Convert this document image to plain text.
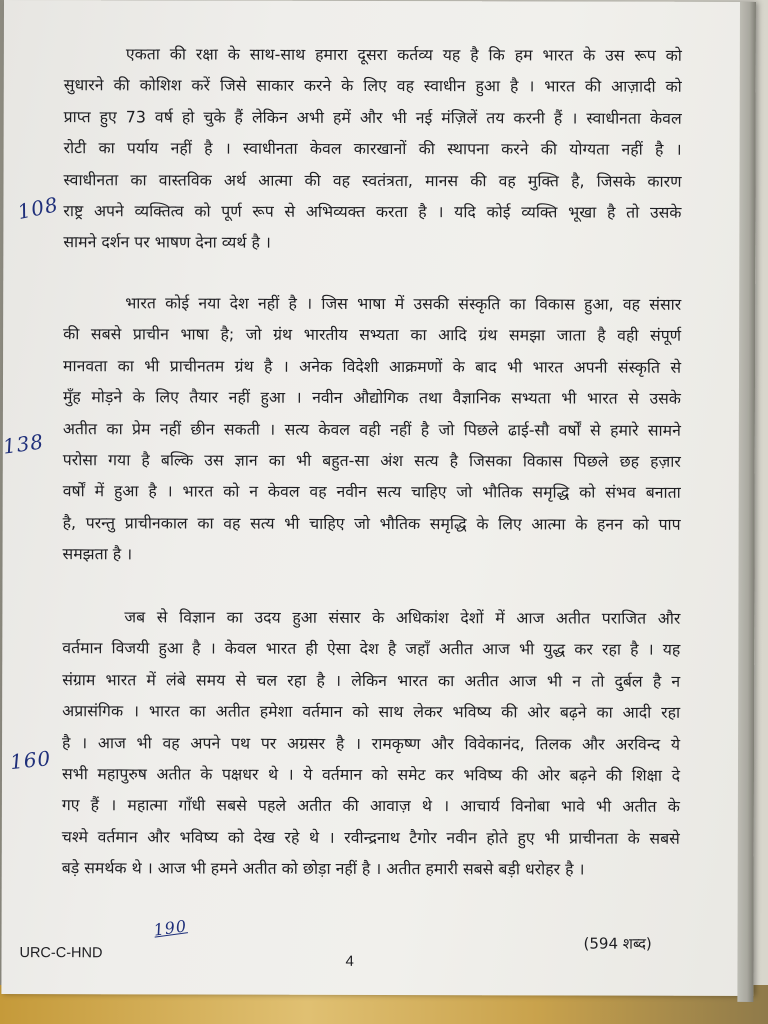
एकता की रक्षा के साथ-साथ हमारा दूसरा कर्तव्य यह है कि हम भारत के उस रूप को
सुधारने की कोशिश करें जिसे साकार करने के लिए वह स्वाधीन हुआ है । भारत की आज़ादी को
प्राप्त हुए 73 वर्ष हो चुके हैं लेकिन अभी हमें और भी नई मंज़िलें तय करनी हैं । स्वाधीनता केवल
रोटी का पर्याय नहीं है । स्वाधीनता केवल कारखानों की स्थापना करने की योग्यता नहीं है ।
स्वाधीनता का वास्तविक अर्थ आत्मा की वह स्वतंत्रता, मानस की वह मुक्ति है, जिसके कारण
राष्ट्र अपने व्यक्तित्व को पूर्ण रूप से अभिव्यक्त करता है । यदि कोई व्यक्ति भूखा है तो उसके
सामने दर्शन पर भाषण देना व्यर्थ है ।
भारत कोई नया देश नहीं है । जिस भाषा में उसकी संस्कृति का विकास हुआ, वह संसार
की सबसे प्राचीन भाषा है; जो ग्रंथ भारतीय सभ्यता का आदि ग्रंथ समझा जाता है वही संपूर्ण
मानवता का भी प्राचीनतम ग्रंथ है । अनेक विदेशी आक्रमणों के बाद भी भारत अपनी संस्कृति से
मुँह मोड़ने के लिए तैयार नहीं हुआ । नवीन औद्योगिक तथा वैज्ञानिक सभ्यता भी भारत से उसके
अतीत का प्रेम नहीं छीन सकती । सत्य केवल वही नहीं है जो पिछले ढाई-सौ वर्षों से हमारे सामने
परोसा गया है बल्कि उस ज्ञान का भी बहुत-सा अंश सत्य है जिसका विकास पिछले छह हज़ार
वर्षों में हुआ है । भारत को न केवल वह नवीन सत्य चाहिए जो भौतिक समृद्धि को संभव बनाता
है, परन्तु प्राचीनकाल का वह सत्य भी चाहिए जो भौतिक समृद्धि के लिए आत्मा के हनन को पाप
समझता है ।
जब से विज्ञान का उदय हुआ संसार के अधिकांश देशों में आज अतीत पराजित और
वर्तमान विजयी हुआ है । केवल भारत ही ऐसा देश है जहाँ अतीत आज भी युद्ध कर रहा है । यह
संग्राम भारत में लंबे समय से चल रहा है । लेकिन भारत का अतीत आज भी न तो दुर्बल है न
अप्रासंगिक । भारत का अतीत हमेशा वर्तमान को साथ लेकर भविष्य की ओर बढ़ने का आदी रहा
है । आज भी वह अपने पथ पर अग्रसर है । रामकृष्ण और विवेकानंद, तिलक और अरविन्द ये
सभी महापुरुष अतीत के पक्षधर थे । ये वर्तमान को समेट कर भविष्य की ओर बढ़ने की शिक्षा दे
गए हैं । महात्मा गाँधी सबसे पहले अतीत की आवाज़ थे । आचार्य विनोबा भावे भी अतीत के
चश्मे वर्तमान और भविष्य को देख रहे थे । रवीन्द्रनाथ टैगोर नवीन होते हुए भी प्राचीनता के सबसे
बड़े समर्थक थे । आज भी हमने अतीत को छोड़ा नहीं है । अतीत हमारी सबसे बड़ी धरोहर है ।
108
138
160
190
URC-C-HND	4
(594 शब्द)
